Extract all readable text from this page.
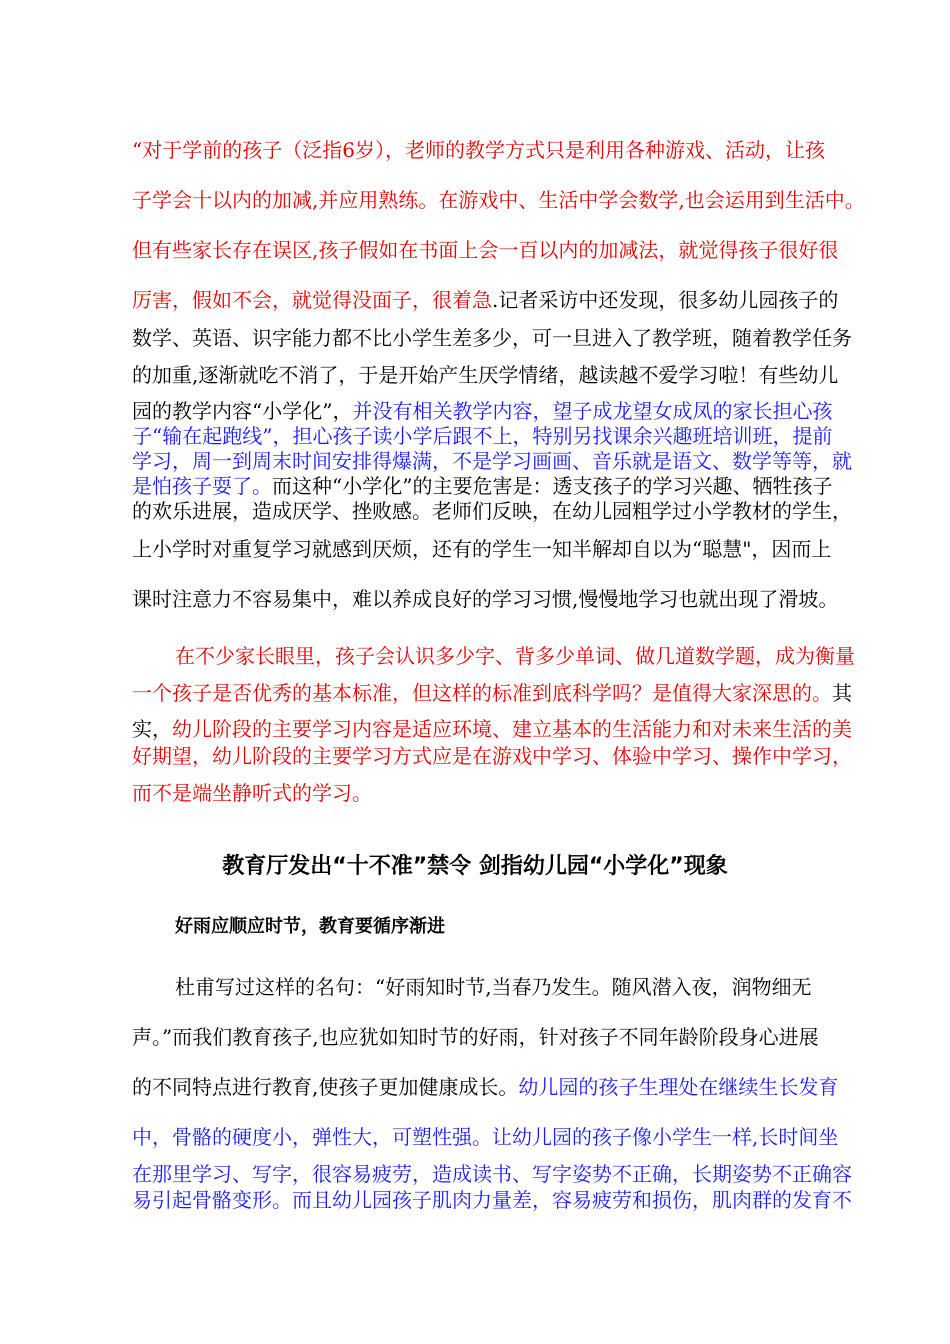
“对于学前的孩子（泛指6岁），老师的教学方式只是利用各种游戏、活动，让孩
子学会十以内的加减,并应用熟练。在游戏中、生活中学会数学,也会运用到生活中。
但有些家长存在误区,孩子假如在书面上会一百以内的加减法，就觉得孩子很好很
厉害，假如不会，就觉得没面子，很着急.记者采访中还发现，很多幼儿园孩子的
数学、英语、识字能力都不比小学生差多少，可一旦进入了教学班，随着教学任务
的加重,逐渐就吃不消了，于是开始产生厌学情绪，越读越不爱学习啦！有些幼儿
园的教学内容“小学化”，并没有相关教学内容，望子成龙望女成凤的家长担心孩
子“输在起跑线”，担心孩子读小学后跟不上，特别另找课余兴趣班培训班，提前
学习，周一到周末时间安排得爆满，不是学习画画、音乐就是语文、数学等等，就
是怕孩子耍了。而这种“小学化”的主要危害是：透支孩子的学习兴趣、牺牲孩子
的欢乐进展，造成厌学、挫败感。老师们反映，在幼儿园粗学过小学教材的学生，
上小学时对重复学习就感到厌烦，还有的学生一知半解却自以为“聪慧"，因而上
课时注意力不容易集中，难以养成良好的学习习惯,慢慢地学习也就出现了滑坡。
在不少家长眼里，孩子会认识多少字、背多少单词、做几道数学题，成为衡量
一个孩子是否优秀的基本标准，但这样的标准到底科学吗？是值得大家深思的。其
实，幼儿阶段的主要学习内容是适应环境、建立基本的生活能力和对未来生活的美
好期望，幼儿阶段的主要学习方式应是在游戏中学习、体验中学习、操作中学习，
而不是端坐静听式的学习。
教育厅发出“十不准”禁令 剑指幼儿园“小学化”现象
好雨应顺应时节，教育要循序渐进
杜甫写过这样的名句：“好雨知时节,当春乃发生。随风潜入夜，润物细无
声。”而我们教育孩子,也应犹如知时节的好雨，针对孩子不同年龄阶段身心进展
的不同特点进行教育,使孩子更加健康成长。幼儿园的孩子生理处在继续生长发育
中，骨骼的硬度小，弹性大，可塑性强。让幼儿园的孩子像小学生一样,长时间坐
在那里学习、写字，很容易疲劳，造成读书、写字姿势不正确，长期姿势不正确容
易引起骨骼变形。而且幼儿园孩子肌肉力量差，容易疲劳和损伤，肌肉群的发育不
